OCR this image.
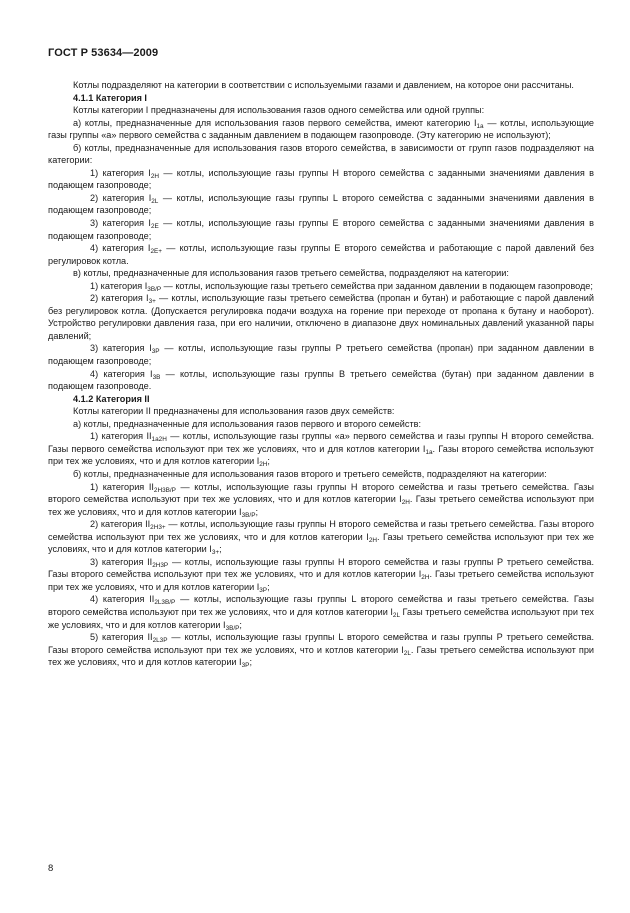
ГОСТ Р 53634—2009

Котлы подразделяют на категории в соответствии с используемыми газами и давлением, на которое они рассчитаны.

4.1.1 Категория I

Котлы категории I предназначены для использования газов одного семейства или одной группы:

а) котлы, предназначенные для использования газов первого семейства, имеют категорию $I_{1a}$ — котлы, использующие газы группы «а» первого семейства с заданным давлением в подающем газопроводе. (Эту категорию не используют);

б) котлы, предназначенные для использования газов второго семейства, в зависимости от групп газов подразделяют на категории:

1) категория $I_{2H}$ — котлы, использующие газы группы Н второго семейства с заданными значениями давления в подающем газопроводе;

2) категория $I_{2L}$ — котлы, использующие газы группы L второго семейства с заданными значениями давления в подающем газопроводе;

3) категория $I_{2E}$ — котлы, использующие газы группы Е второго семейства с заданными значениями давления в подающем газопроводе;

4) категория $I_{2E+}$ — котлы, использующие газы группы Е второго семейства и работающие с парой давлений без регулировок котла.

в) котлы, предназначенные для использования газов третьего семейства, подразделяют на категории:

1) категория $I_{3B/P}$ — котлы, использующие газы третьего семейства при заданном давлении в подающем газопроводе;

2) категория $I_{3+}$ — котлы, использующие газы третьего семейства (пропан и бутан) и работающие с парой давлений без регулировок котла. (Допускается регулировка подачи воздуха на горение при переходе от пропана к бутану и наоборот). Устройство регулировки давления газа, при его наличии, отключено в диапазоне двух номинальных давлений указанной пары давлений;

3) категория $I_{3P}$ — котлы, использующие газы группы Р третьего семейства (пропан) при заданном давлении в подающем газопроводе;

4) категория $I_{3B}$ — котлы, использующие газы группы В третьего семейства (бутан) при заданном давлении в подающем газопроводе.

4.1.2 Категория II

Котлы категории II предназначены для использования газов двух семейств:

а) котлы, предназначенные для использования газов первого и второго семейств:

1) категория $II_{1a2H}$ — котлы, использующие газы группы «а» первого семейства и газы группы Н второго семейства. Газы первого семейства используют при тех же условиях, что и для котлов категории $I_{1a}$. Газы второго семейства используют при тех же условиях, что и для котлов категории $I_{2H}$;

б) котлы, предназначенные для использования газов второго и третьего семейств, подразделяют на категории:

1) категория $II_{2H3B/P}$ — котлы, использующие газы группы Н второго семейства и газы третьего семейства. Газы второго семейства используют при тех же условиях, что и для котлов категории $I_{2H}$. Газы третьего семейства используют при тех же условиях, что и для котлов категории $I_{3B/P}$;

2) категория $II_{2H3+}$ — котлы, использующие газы группы Н второго семейства и газы третьего семейства. Газы второго семейства используют при тех же условиях, что и для котлов категории $I_{2H}$. Газы третьего семейства используют при тех же условиях, что и для котлов категории $I_{3+}$;

3) категория $II_{2H3P}$ — котлы, использующие газы группы Н второго семейства и газы группы Р третьего семейства. Газы второго семейства используют при тех же условиях, что и для котлов категории $I_{2H}$. Газы третьего семейства используют при тех же условиях, что и для котлов категории $I_{3P}$;

4) категория $II_{2L3B/P}$ — котлы, использующие газы группы L второго семейства и газы третьего семейства. Газы второго семейства используют при тех же условиях, что и для котлов категории $I_{2L}$ Газы третьего семейства используют при тех же условиях, что и для котлов категории $I_{3B/P}$;

5) категория $II_{2L3P}$ — котлы, использующие газы группы L второго семейства и газы группы Р третьего семейства. Газы второго семейства используют при тех же условиях, что и котлов категории $I_{2L}$. Газы третьего семейства используют при тех же условиях, что и для котлов категории $I_{3P}$;

8
